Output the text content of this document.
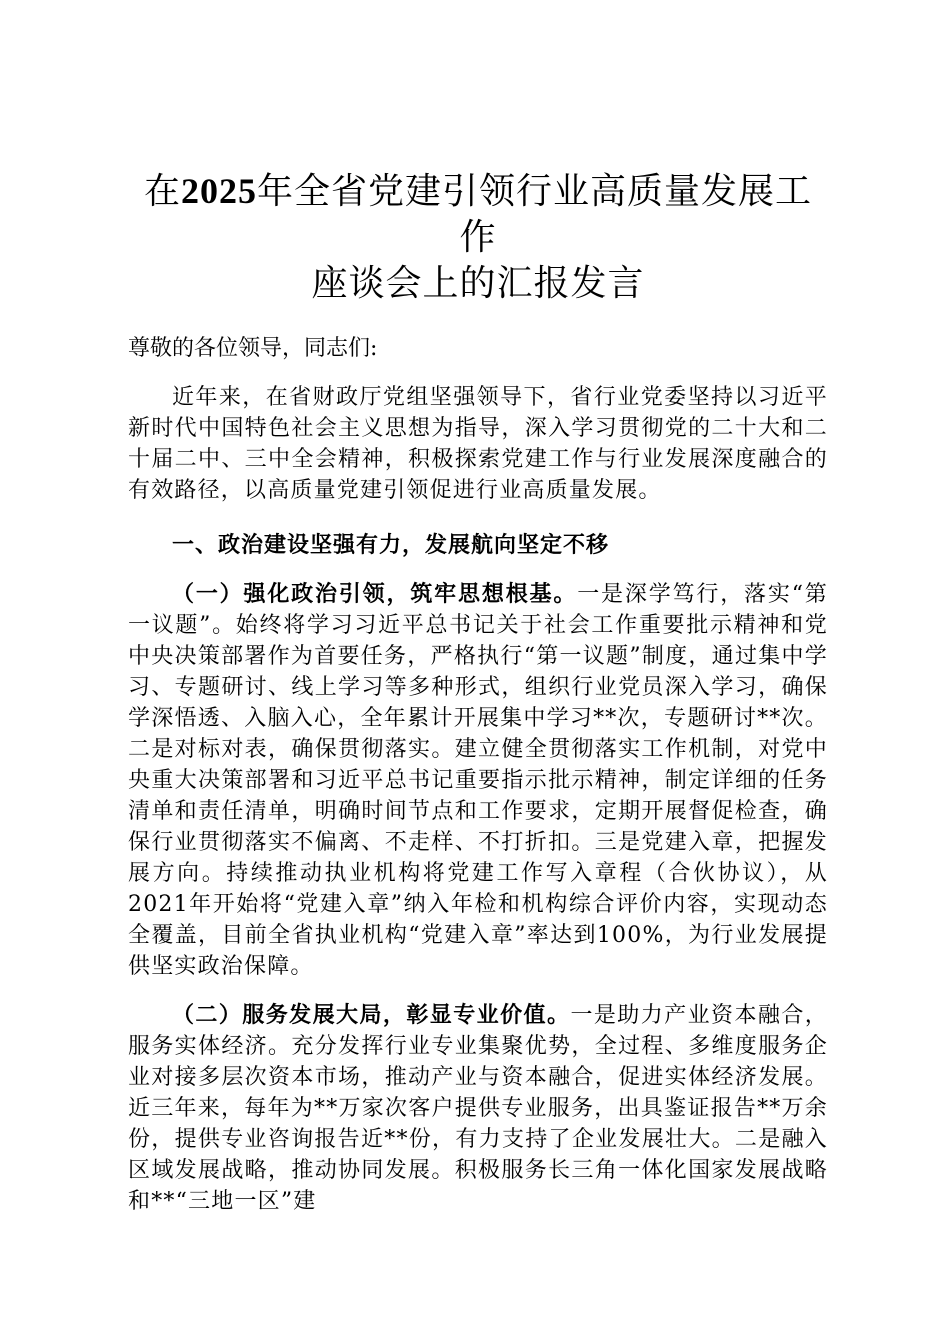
在2025年全省党建引领行业高质量发展工作
座谈会上的汇报发言

尊敬的各位领导，同志们:

近年来，在省财政厅党组坚强领导下，省行业党委坚持以习近平新时代中国特色社会主义思想为指导，深入学习贯彻党的二十大和二十届二中、三中全会精神，积极探索党建工作与行业发展深度融合的有效路径，以高质量党建引领促进行业高质量发展。

一、政治建设坚强有力，发展航向坚定不移

（一）强化政治引领，筑牢思想根基。一是深学笃行，落实“第一议题”。始终将学习习近平总书记关于社会工作重要批示精神和党中央决策部署作为首要任务，严格执行“第一议题”制度，通过集中学习、专题研讨、线上学习等多种形式，组织行业党员深入学习，确保学深悟透、入脑入心，全年累计开展集中学习**次，专题研讨**次。二是对标对表，确保贯彻落实。建立健全贯彻落实工作机制，对党中央重大决策部署和习近平总书记重要指示批示精神，制定详细的任务清单和责任清单，明确时间节点和工作要求，定期开展督促检查，确保行业贯彻落实不偏离、不走样、不打折扣。三是党建入章，把握发展方向。持续推动执业机构将党建工作写入章程（合伙协议），从2021年开始将“党建入章”纳入年检和机构综合评价内容，实现动态全覆盖，目前全省执业机构“党建入章”率达到100%，为行业发展提供坚实政治保障。

（二）服务发展大局，彰显专业价值。一是助力产业资本融合，服务实体经济。充分发挥行业专业集聚优势，全过程、多维度服务企业对接多层次资本市场，推动产业与资本融合，促进实体经济发展。近三年来，每年为**万家次客户提供专业服务，出具鉴证报告**万余份，提供专业咨询报告近**份，有力支持了企业发展壮大。二是融入区域发展战略，推动协同发展。积极服务长三角一体化国家发展战略和**“三地一区”建
